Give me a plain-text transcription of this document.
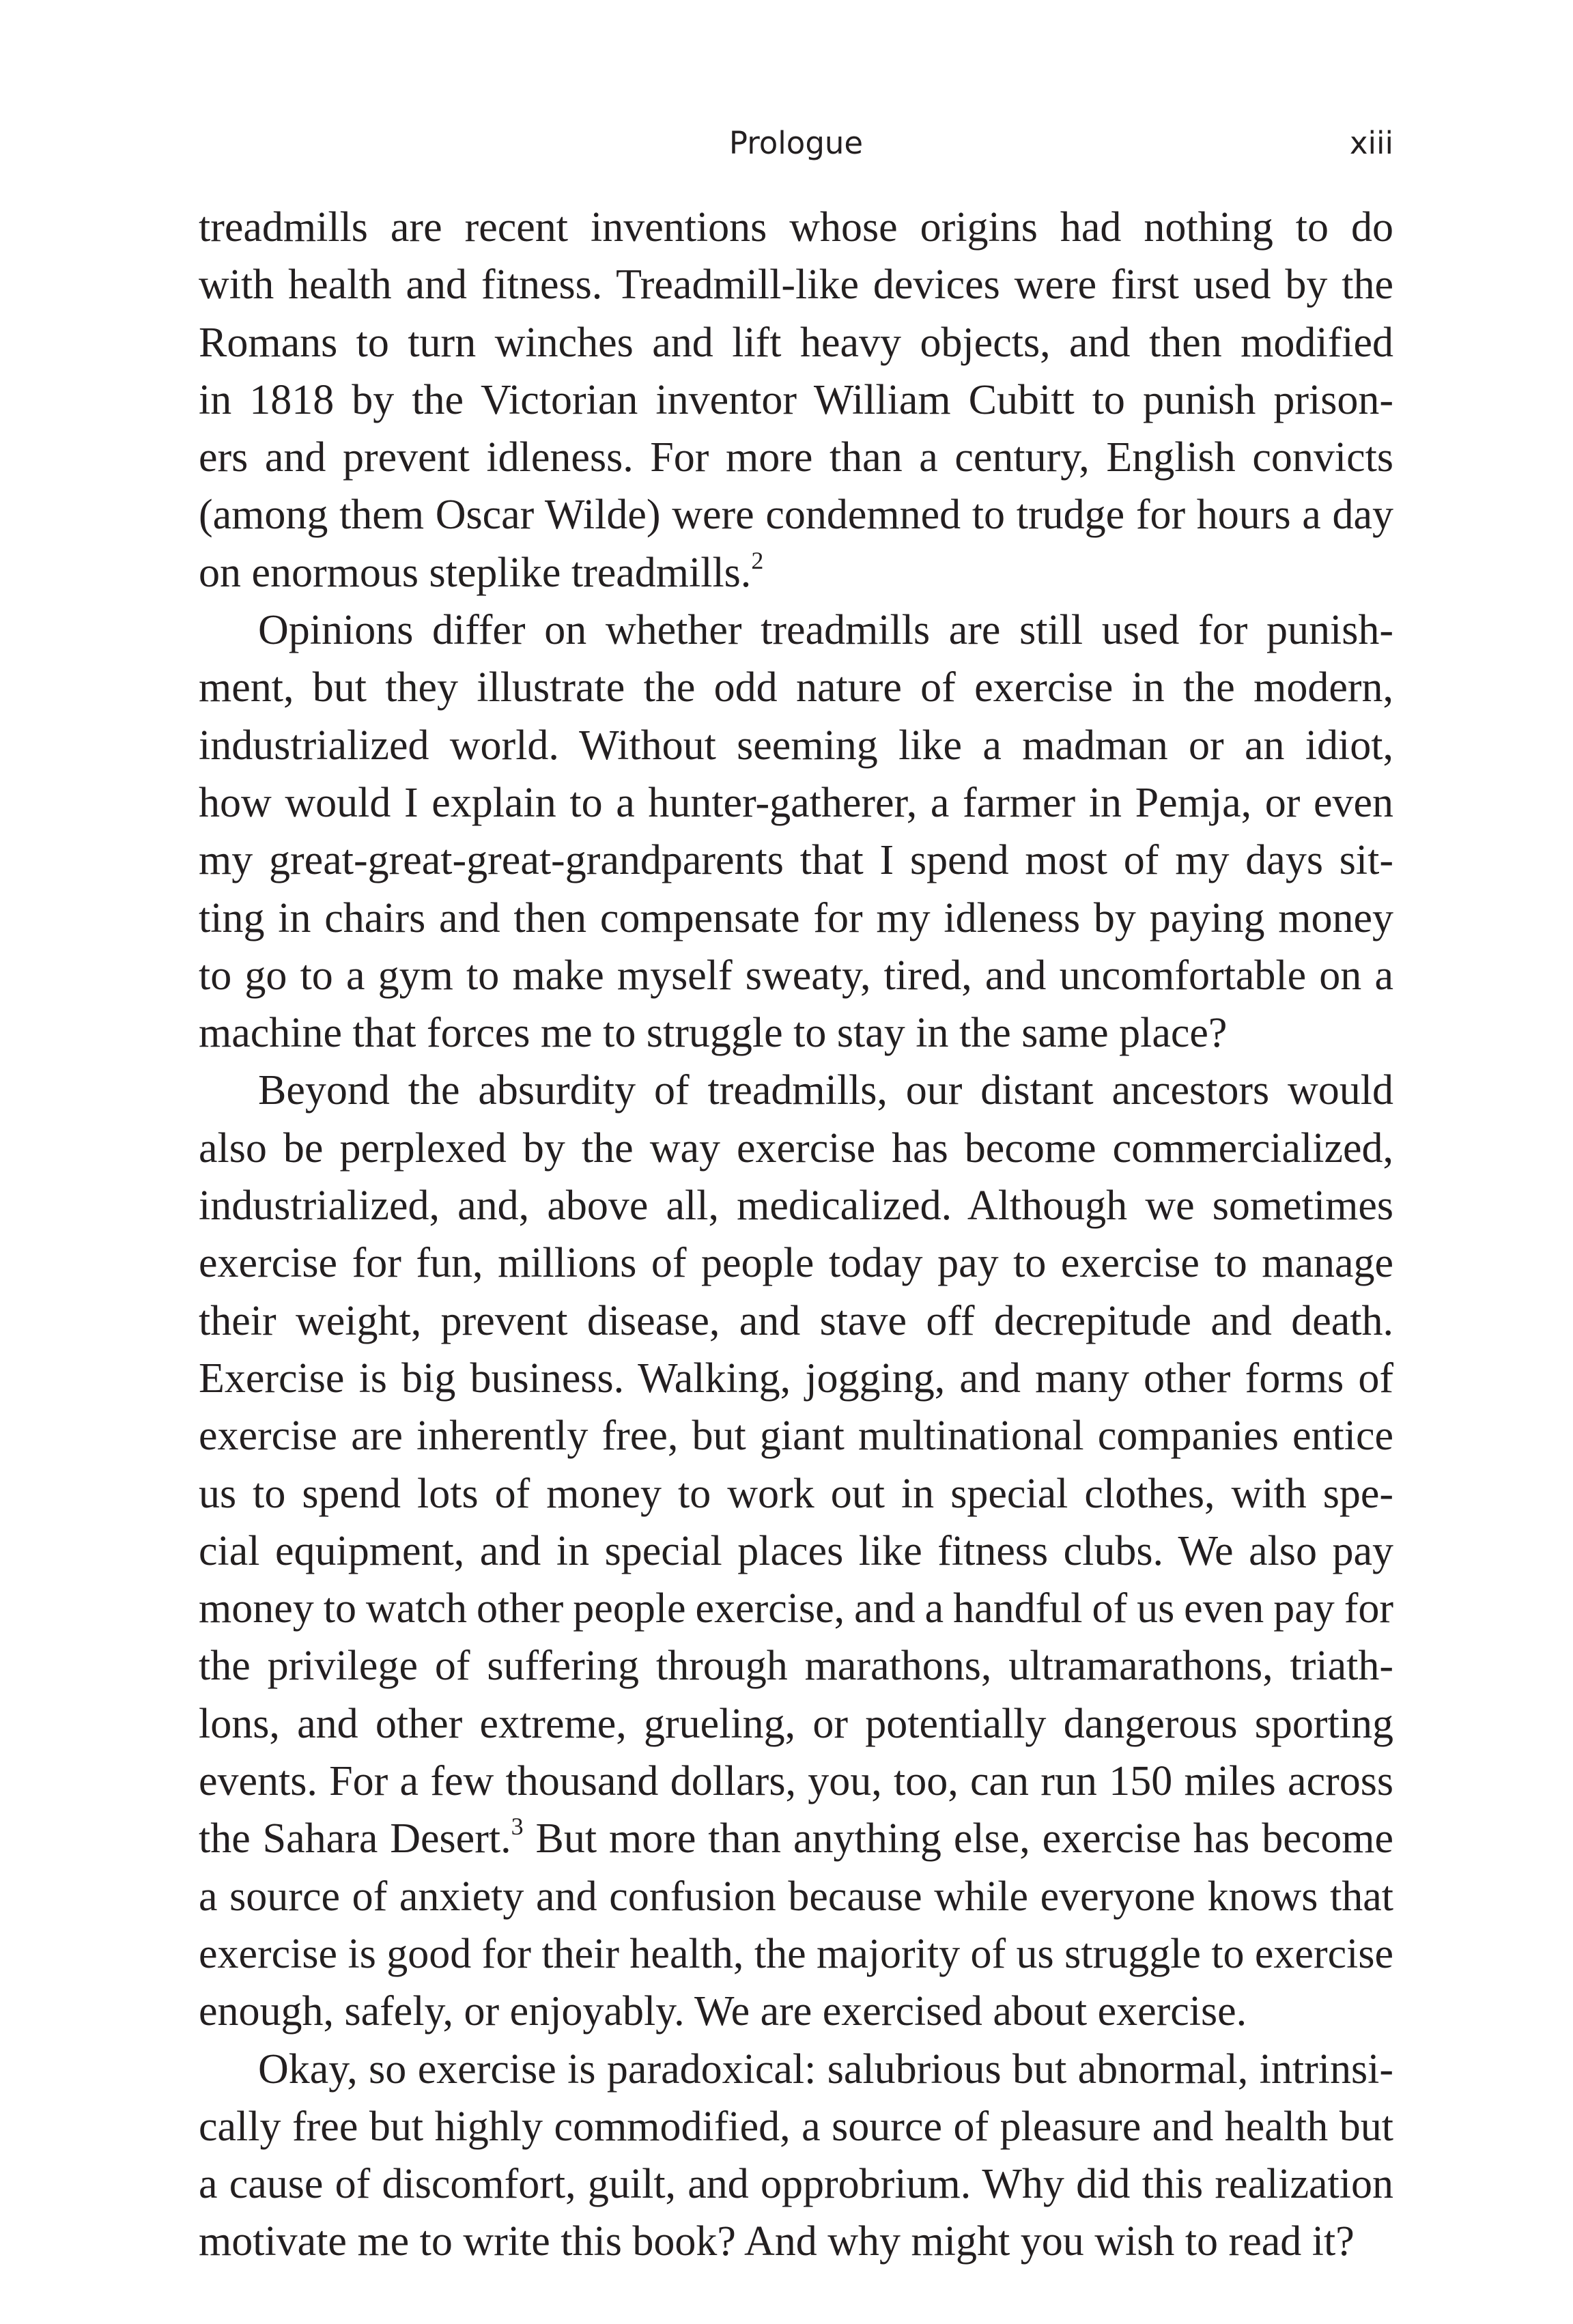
Prologue	xiii
treadmills are recent inventions whose origins had nothing to do
with health and fitness. Treadmill-like devices were first used by the
Romans to turn winches and lift heavy objects, and then modified
in 1818 by the Victorian inventor William Cubitt to punish prison-
ers and prevent idleness. For more than a century, English convicts
(among them Oscar Wilde) were condemned to trudge for hours a day
on enormous steplike treadmills.$^2$
Opinions differ on whether treadmills are still used for punish-
ment, but they illustrate the odd nature of exercise in the modern,
industrialized world. Without seeming like a madman or an idiot,
how would I explain to a hunter-gatherer, a farmer in Pemja, or even
my great-great-great-grandparents that I spend most of my days sit-
ting in chairs and then compensate for my idleness by paying money
to go to a gym to make myself sweaty, tired, and uncomfortable on a
machine that forces me to struggle to stay in the same place?
Beyond the absurdity of treadmills, our distant ancestors would
also be perplexed by the way exercise has become commercialized,
industrialized, and, above all, medicalized. Although we sometimes
exercise for fun, millions of people today pay to exercise to manage
their weight, prevent disease, and stave off decrepitude and death.
Exercise is big business. Walking, jogging, and many other forms of
exercise are inherently free, but giant multinational companies entice
us to spend lots of money to work out in special clothes, with spe-
cial equipment, and in special places like fitness clubs. We also pay
money to watch other people exercise, and a handful of us even pay for
the privilege of suffering through marathons, ultramarathons, triath-
lons, and other extreme, grueling, or potentially dangerous sporting
events. For a few thousand dollars, you, too, can run 150 miles across
the Sahara Desert.$^3$ But more than anything else, exercise has become
a source of anxiety and confusion because while everyone knows that
exercise is good for their health, the majority of us struggle to exercise
enough, safely, or enjoyably. We are exercised about exercise.
Okay, so exercise is paradoxical: salubrious but abnormal, intrinsi-
cally free but highly commodified, a source of pleasure and health but
a cause of discomfort, guilt, and opprobrium. Why did this realization
motivate me to write this book? And why might you wish to read it?
